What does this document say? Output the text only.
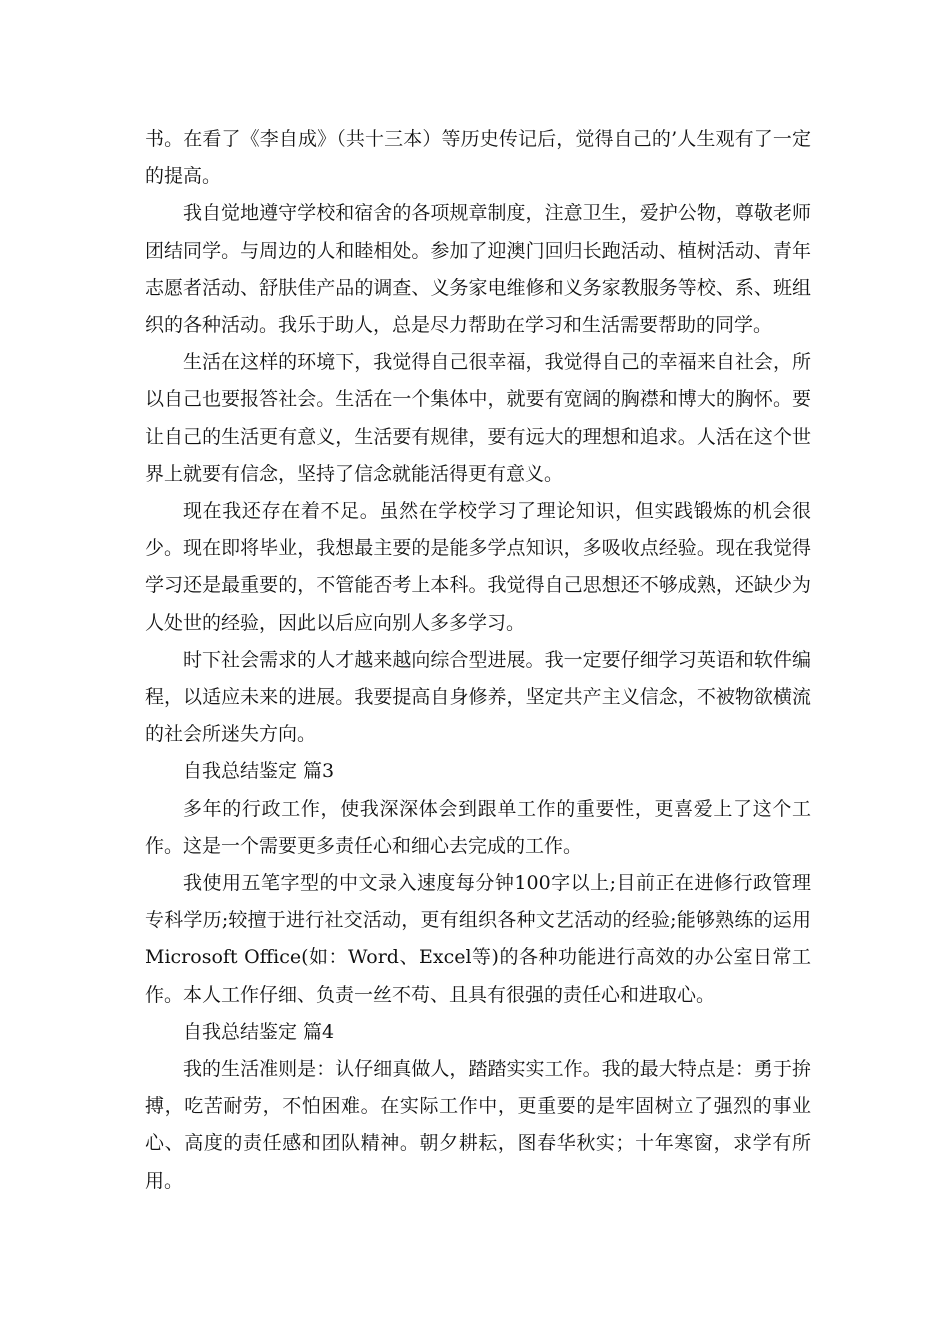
书。在看了《李自成》（共十三本）等历史传记后，觉得自己的’人生观有了一定的提高。

我自觉地遵守学校和宿舍的各项规章制度，注意卫生，爱护公物，尊敬老师团结同学。与周边的人和睦相处。参加了迎澳门回归长跑活动、植树活动、青年志愿者活动、舒肤佳产品的调查、义务家电维修和义务家教服务等校、系、班组织的各种活动。我乐于助人，总是尽力帮助在学习和生活需要帮助的同学。

生活在这样的环境下，我觉得自己很幸福，我觉得自己的幸福来自社会，所以自己也要报答社会。生活在一个集体中，就要有宽阔的胸襟和博大的胸怀。要让自己的生活更有意义，生活要有规律，要有远大的理想和追求。人活在这个世界上就要有信念，坚持了信念就能活得更有意义。

现在我还存在着不足。虽然在学校学习了理论知识，但实践锻炼的机会很少。现在即将毕业，我想最主要的是能多学点知识，多吸收点经验。现在我觉得学习还是最重要的，不管能否考上本科。我觉得自己思想还不够成熟，还缺少为人处世的经验，因此以后应向别人多多学习。

时下社会需求的人才越来越向综合型进展。我一定要仔细学习英语和软件编程，以适应未来的进展。我要提高自身修养，坚定共产主义信念，不被物欲横流的社会所迷失方向。

自我总结鉴定 篇3

多年的行政工作，使我深深体会到跟单工作的重要性，更喜爱上了这个工作。这是一个需要更多责任心和细心去完成的工作。

我使用五笔字型的中文录入速度每分钟100字以上;目前正在进修行政管理专科学历;较擅于进行社交活动，更有组织各种文艺活动的经验;能够熟练的运用Microsoft Office(如：Word、Excel等)的各种功能进行高效的办公室日常工作。本人工作仔细、负责一丝不苟、且具有很强的责任心和进取心。

自我总结鉴定 篇4

我的生活准则是：认仔细真做人，踏踏实实工作。我的最大特点是：勇于拚搏，吃苦耐劳，不怕困难。在实际工作中，更重要的是牢固树立了强烈的事业心、高度的责任感和团队精神。朝夕耕耘，图春华秋实；十年寒窗，求学有所用。
